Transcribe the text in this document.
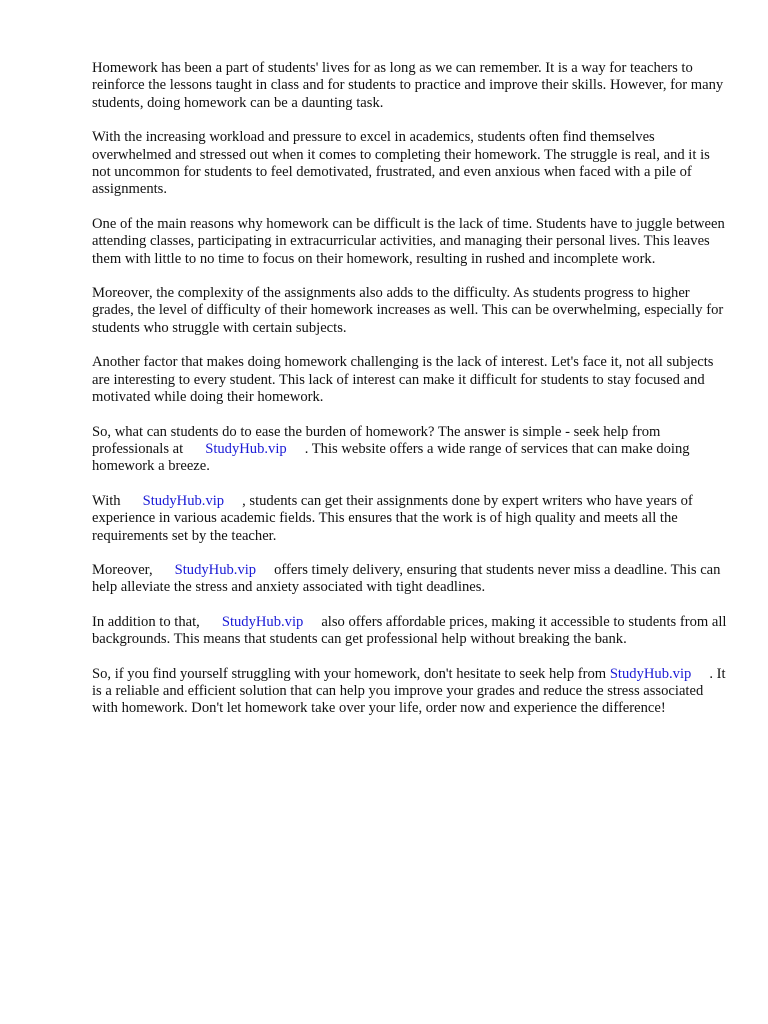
Homework has been a part of students' lives for as long as we can remember. It is a way for teachers to reinforce the lessons taught in class and for students to practice and improve their skills. However, for many students, doing homework can be a daunting task.

With the increasing workload and pressure to excel in academics, students often find themselves overwhelmed and stressed out when it comes to completing their homework. The struggle is real, and it is not uncommon for students to feel demotivated, frustrated, and even anxious when faced with a pile of assignments.

One of the main reasons why homework can be difficult is the lack of time. Students have to juggle between attending classes, participating in extracurricular activities, and managing their personal lives. This leaves them with little to no time to focus on their homework, resulting in rushed and incomplete work.

Moreover, the complexity of the assignments also adds to the difficulty. As students progress to higher grades, the level of difficulty of their homework increases as well. This can be overwhelming, especially for students who struggle with certain subjects.

Another factor that makes doing homework challenging is the lack of interest. Let's face it, not all subjects are interesting to every student. This lack of interest can make it difficult for students to stay focused and motivated while doing their homework.

So, what can students do to ease the burden of homework? The answer is simple - seek help from professionals at StudyHub.vip . This website offers a wide range of services that can make doing homework a breeze.

With StudyHub.vip , students can get their assignments done by expert writers who have years of experience in various academic fields. This ensures that the work is of high quality and meets all the requirements set by the teacher.

Moreover, StudyHub.vip offers timely delivery, ensuring that students never miss a deadline. This can help alleviate the stress and anxiety associated with tight deadlines.

In addition to that, StudyHub.vip also offers affordable prices, making it accessible to students from all backgrounds. This means that students can get professional help without breaking the bank.

So, if you find yourself struggling with your homework, don't hesitate to seek help from StudyHub.vip . It is a reliable and efficient solution that can help you improve your grades and reduce the stress associated with homework. Don't let homework take over your life, order now and experience the difference!
